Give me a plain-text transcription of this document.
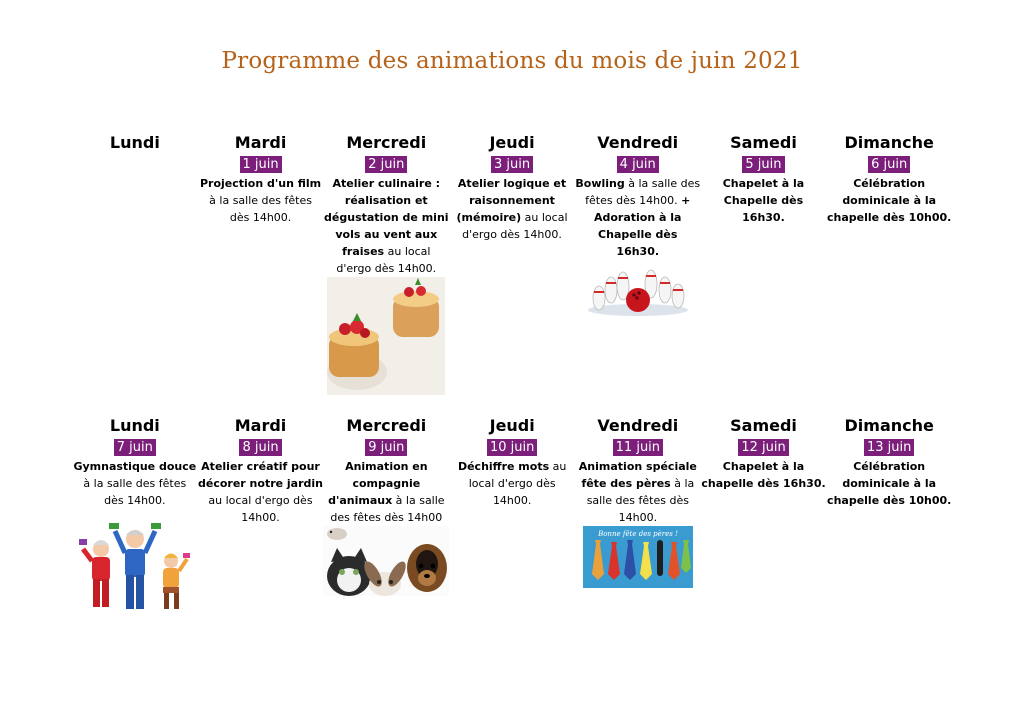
Programme des animations du mois de juin 2021
Lundi	Mardi
1 juin
Projection d'un film à la salle des fêtes dès 14h00.
Mercredi
2 juin
Atelier culinaire : réalisation et dégustation de mini vols au vent aux fraises au local d'ergo dès 14h00.
Jeudi
3 juin
Atelier logique et raisonnement (mémoire) au local d'ergo dès 14h00.
Vendredi
4 juin
Bowling à la salle des fêtes dès 14h00. + Adoration à la Chapelle dès 16h30.
Samedi
5 juin
Chapelet à la Chapelle dès 16h30.
Dimanche
6 juin
Célébration dominicale à la chapelle dès 10h00.
Lundi
7 juin
Gymnastique douce à la salle des fêtes dès 14h00.
Mardi
8 juin
Atelier créatif pour décorer notre jardin au local d'ergo dès 14h00.
Mercredi
9 juin
Animation en compagnie d'animaux à la salle des fêtes dès 14h00
Jeudi
10 juin
Déchiffre mots au local d'ergo dès 14h00.
Vendredi
11 juin
Animation spéciale fête des pères à la salle des fêtes dès 14h00.
Bonne fête des pères !
Samedi
12 juin
Chapelet à la chapelle dès 16h30.
Dimanche
13 juin
Célébration dominicale à la chapelle dès 10h00.
